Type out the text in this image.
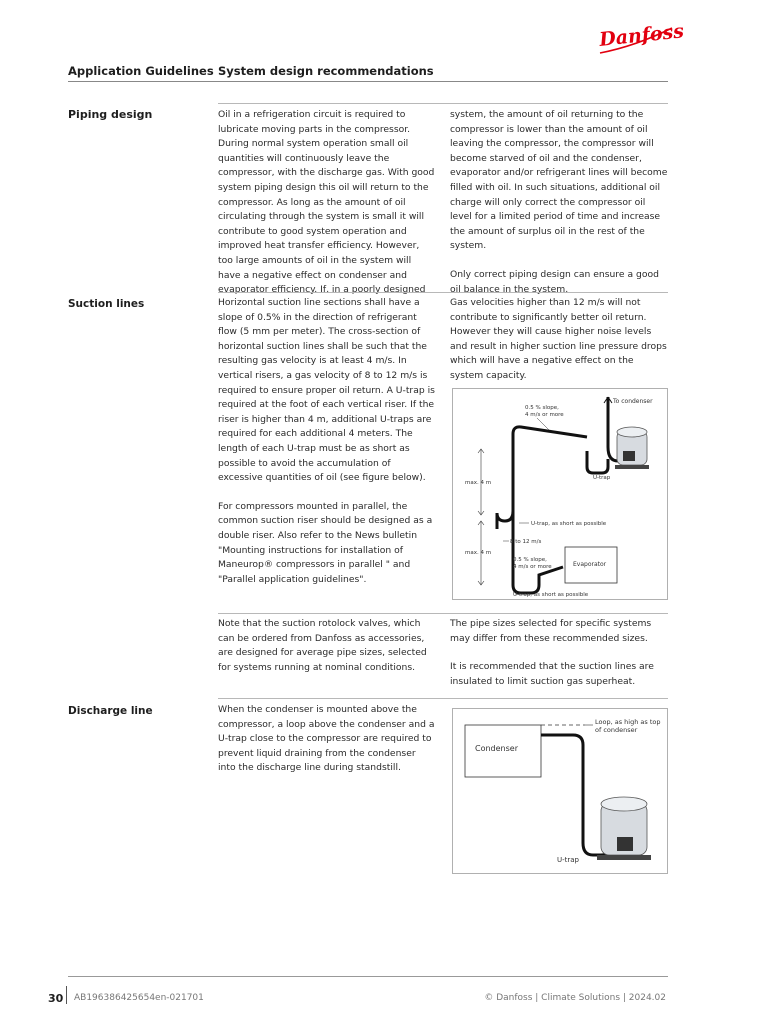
Danfoss
Application Guidelines System design recommendations
Piping design	Oil in a refrigeration circuit is required to lubricate moving parts in the compressor. During normal system operation small oil quantities will continuously leave the compressor, with the discharge gas. With good system piping design this oil will return to the compressor. As long as the amount of oil circulating through the system is small it will contribute to good system operation and improved heat transfer efficiency. However, too large amounts of oil in the system will have a negative effect on condenser and evaporator efficiency. If, in a poorly designed

system, the amount of oil returning to the compressor is lower than the amount of oil leaving the compressor, the compressor will become starved of oil and the condenser, evaporator and/or refrigerant lines will become filled with oil. In such situations, additional oil charge will only correct the compressor oil level for a limited period of time and increase the amount of surplus oil in the rest of the system.

Only correct piping design can ensure a good oil balance in the system.

Suction lines	Horizontal suction line sections shall have a slope of 0.5% in the direction of refrigerant flow (5 mm per meter). The cross-section of horizontal suction lines shall be such that the resulting gas velocity is at least 4 m/s. In vertical risers, a gas velocity of 8 to 12 m/s is required to ensure proper oil return. A U-trap is required at the foot of each vertical riser. If the riser is higher than 4 m, additional U-traps are required for each additional 4 meters. The length of each U-trap must be as short as possible to avoid the accumulation of excessive quantities of oil (see figure below).

For compressors mounted in parallel, the common suction riser should be designed as a double riser. Also refer to the News bulletin "Mounting instructions for installation of Maneurop® compressors in parallel " and "Parallel application guidelines".

Gas velocities higher than 12 m/s will not contribute to significantly better oil return. However they will cause higher noise levels and result in higher suction line pressure drops which will have a negative effect on the system capacity.

To condenser
0.5 % slope,
4 m/s or more
U-trap
max. 4 m
max. 4 m
U-trap, as short as possible
8 to 12 m/s
0.5 % slope,
4 m/s or more	Evaporator
U-trap, as short as possible

Note that the suction rotolock valves, which can be ordered from Danfoss as accessories, are designed for average pipe sizes, selected for systems running at nominal conditions.

The pipe sizes selected for specific systems may differ from these recommended sizes.

It is recommended that the suction lines are insulated to limit suction gas superheat.

Discharge line	When the condenser is mounted above the compressor, a loop above the condenser and a U-trap close to the compressor are required to prevent liquid draining from the condenser into the discharge line during standstill.

Condenser
Loop, as high as top
of condenser
U-trap
30 AB196386425654en-021701	© Danfoss | Climate Solutions | 2024.02
